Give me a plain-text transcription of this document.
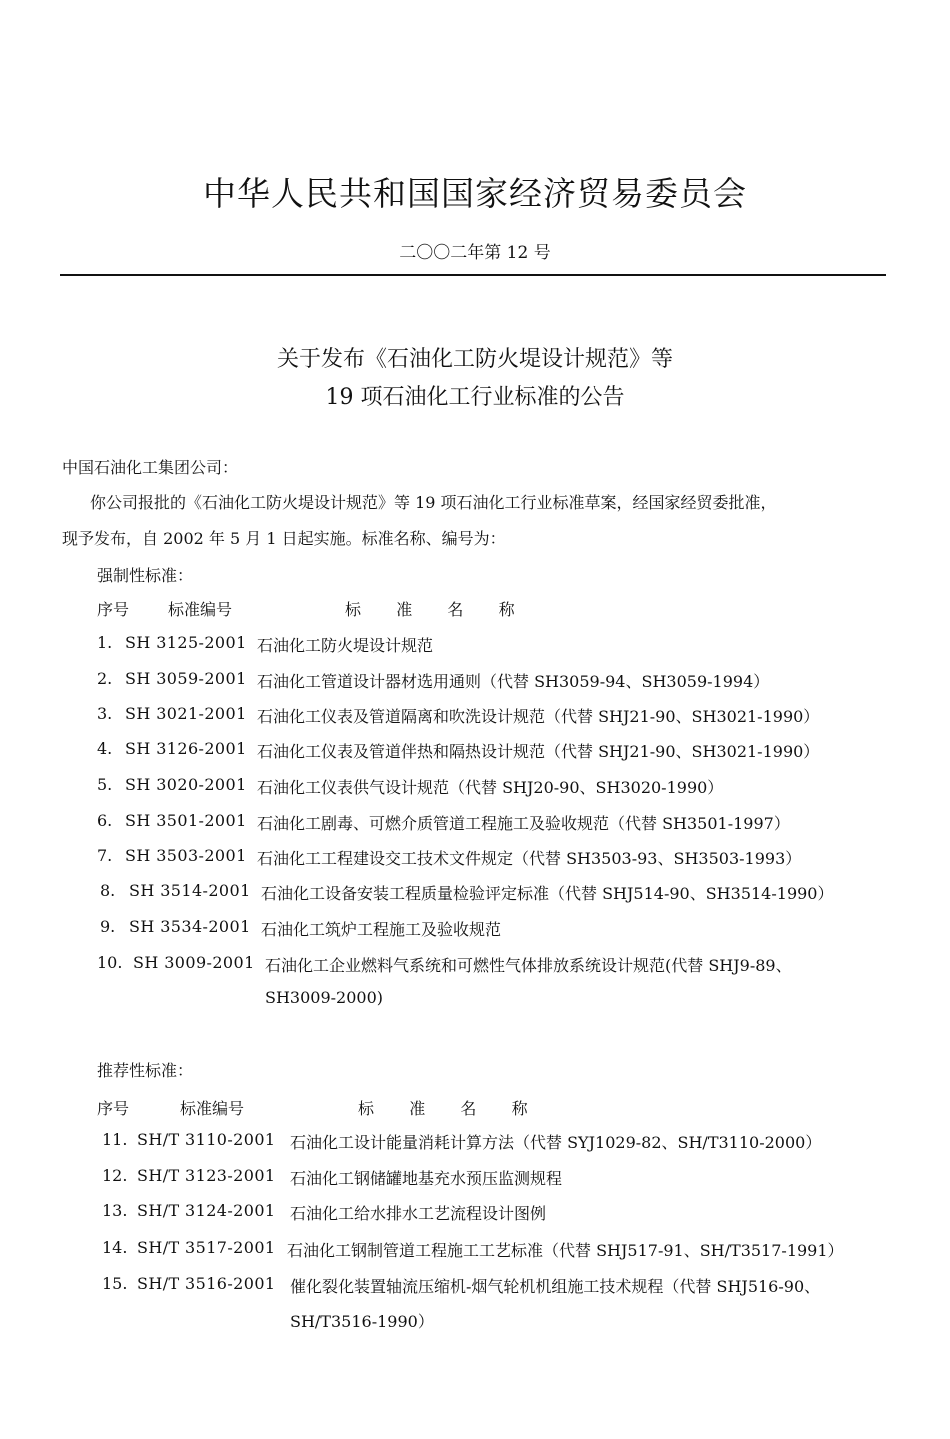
中华人民共和国国家经济贸易委员会
二〇〇二年第 12 号
关于发布《石油化工防火堤设计规范》等
19 项石油化工行业标准的公告
中国石油化工集团公司：
你公司报批的《石油化工防火堤设计规范》等 19 项石油化工行业标准草案，经国家经贸委批准，
现予发布，自 2002 年 5 月 1 日起实施。标准名称、编号为：
强制性标准：
序号 标准编号	标准名称
1. SH 3125-2001 石油化工防火堤设计规范
2. SH 3059-2001 石油化工管道设计器材选用通则（代替 SH3059-94、SH3059-1994）
3. SH 3021-2001 石油化工仪表及管道隔离和吹洗设计规范（代替 SHJ21-90、SH3021-1990）
4. SH 3126-2001 石油化工仪表及管道伴热和隔热设计规范（代替 SHJ21-90、SH3021-1990）
5. SH 3020-2001 石油化工仪表供气设计规范（代替 SHJ20-90、SH3020-1990）
6. SH 3501-2001 石油化工剧毒、可燃介质管道工程施工及验收规范（代替 SH3501-1997）
7. SH 3503-2001 石油化工工程建设交工技术文件规定（代替 SH3503-93、SH3503-1993）
8. SH 3514-2001 石油化工设备安装工程质量检验评定标准（代替 SHJ514-90、SH3514-1990）
9. SH 3534-2001 石油化工筑炉工程施工及验收规范
10. SH 3009-2001 石油化工企业燃料气系统和可燃性气体排放系统设计规范(代替 SHJ9-89、
SH3009-2000)
推荐性标准：
序号	标准编号	标准名称
11. SH/T 3110-2001 石油化工设计能量消耗计算方法（代替 SYJ1029-82、SH/T3110-2000）
12. SH/T 3123-2001 石油化工钢储罐地基充水预压监测规程
13. SH/T 3124-2001 石油化工给水排水工艺流程设计图例
14. SH/T 3517-2001 石油化工钢制管道工程施工工艺标准（代替 SHJ517-91、SH/T3517-1991）
15. SH/T 3516-2001 催化裂化装置轴流压缩机-烟气轮机机组施工技术规程（代替 SHJ516-90、
SH/T3516-1990）
